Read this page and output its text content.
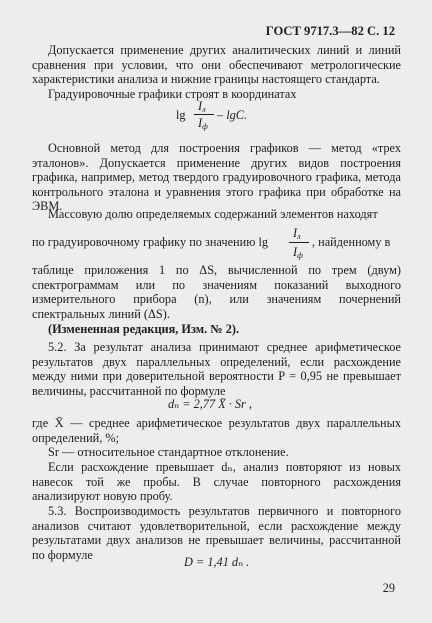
ГОСТ 9717.3—82 С. 12
Допускается применение других аналитических линий и линий сравнения при условии, что они обеспечивают метрологические характеристики анализа и нижние границы настоящего стандарта.
Градуировочные графики строят в координатах
lg
$I_л$
$I_ф$
– lgC.
Основной метод для построения графиков — метод «трех эталонов». Допускается применение других видов построения графика, например, метод твердого градуировочного графика, метода контрольного эталона и уравнения этого графика при обработке на ЭВМ.
Массовую долю определяемых содержаний элементов находят
по градуировочному графику по значению lg
$I_л$
$I_ф$
, найденному в
таблице приложения 1 по ΔS, вычисленной по трем (двум) спектрограммам или по значениям показаний выходного измерительного прибора (n), или значениям почернений спектральных линий (ΔS).
(Измененная редакция, Изм. № 2).
5.2. За результат анализа принимают среднее арифметическое результатов двух параллельных определений, если расхождение между ними при доверительной вероятности P = 0,95 не превышает величины, рассчитанной по формуле
dₙ = 2,77 X̄ · Sr ,
где X̄ — среднее арифметическое результатов двух параллельных определений, %;
Sr — относительное стандартное отклонение.
Если расхождение превышает dₙ, анализ повторяют из новых навесок той же пробы. В случае повторного расхождения анализируют новую пробу.
5.3. Воспроизводимость результатов первичного и повторного анализов считают удовлетворительной, если расхождение между результатами двух анализов не превышает величины, рассчитанной по формуле
D = 1,41 dₙ .
29
